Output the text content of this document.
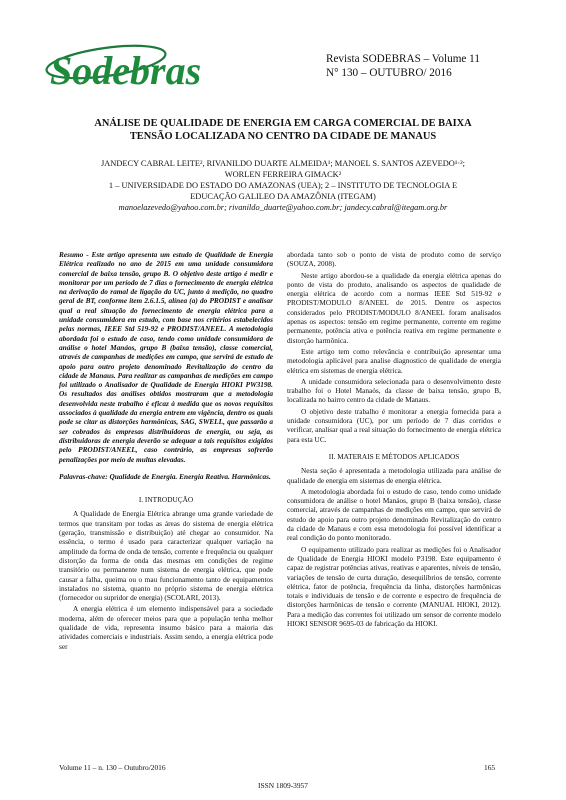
Sodebras	Revista SODEBRAS – Volume 11
N° 130 – OUTUBRO/ 2016
ANÁLISE DE QUALIDADE DE ENERGIA EM CARGA COMERCIAL DE BAIXA
TENSÃO LOCALIZADA NO CENTRO DA CIDADE DE MANAUS
JANDECY CABRAL LEITE², RIVANILDO DUARTE ALMEIDA¹; MANOEL S. SANTOS AZEVEDO¹·²;
WORLEN FERREIRA GIMACK²
1 – UNIVERSIDADE DO ESTADO DO AMAZONAS (UEA); 2 – INSTITUTO DE TECNOLOGIA E
EDUCAÇÃO GALILEO DA AMAZÔNIA (ITEGAM)
manoelazevedo@yahoo.com.br; rivanildo_duarte@yahoo.com.br; jandecy.cabral@itegam.org.br
Resumo - Este artigo apresenta um estudo de Qualidade de Energia Elétrica realizado no ano de 2015 em uma unidade consumidora comercial de baixa tensão, grupo B. O objetivo deste artigo é medir e monitorar por um período de 7 dias o fornecimento de energia elétrica na derivação do ramal de ligação da UC, junto à medição, no quadro geral de BT, conforme item 2.6.1.5, alínea (a) do PRODIST e analisar qual a real situação do fornecimento de energia elétrica para a unidade consumidora em estudo, com base nos critérios estabelecidos pelas normas, IEEE Std 519-92 e PRODIST/ANEEL. A metodologia abordada foi o estudo de caso, tendo como unidade consumidora de análise o hotel Manáos, grupo B (baixa tensão), classe comercial, através de campanhas de medições em campo, que servirá de estudo de apoio para outro projeto denominado Revitalização do centro da cidade de Manaus. Para realizar as campanhas de medições em campo foi utilizado o Analisador de Qualidade de Energia HIOKI PW3198. Os resultados das análises obtidos mostraram que a metodologia desenvolvida neste trabalho é eficaz à medida que os novos requisitos associados à qualidade da energia entrem em vigência, dentro os quais pode se citar as distorções harmônicas, SAG, SWELL, que passarão a ser cobrados às empresas distribuidoras de energia, ou seja, as distribuidoras de energia deverão se adequar a tais requisitos exigidos pelo PRODIST/ANEEL, caso contrário, as empresas sofrerão penalizações por meio de multas elevadas.
Palavras-chave: Qualidade de Energia. Energia Reativa. Harmônicas.
I. INTRODUÇÃO
A Qualidade de Energia Elétrica abrange uma grande variedade de termos que transitam por todas as áreas do sistema de energia elétrica (geração, transmissão e distribuição) até chegar ao consumidor. Na essência, o termo é usado para caracterizar qualquer variação na amplitude da forma de onda de tensão, corrente e frequência ou qualquer distorção da forma de onda das mesmas em condições de regime transitório ou permanente num sistema de energia elétrica, que pode causar a falha, queima ou o mau funcionamento tanto de equipamentos instalados no sistema, quanto no próprio sistema de energia elétrica (fornecedor ou supridor de energia) (SCOLARI, 2013).
A energia elétrica é um elemento indispensável para a sociedade moderna, além de oferecer meios para que a população tenha melhor qualidade de vida, representa insumo básico para a maioria das atividades comerciais e industriais. Assim sendo, a energia elétrica pode ser
abordada tanto sob o ponto de vista de produto como de serviço (SOUZA, 2008).
Neste artigo abordou-se a qualidade da energia elétrica apenas do ponto de vista do produto, analisando os aspectos de qualidade de energia elétrica de acordo com a normas IEEE Std 519-92 e PRODIST/MODULO 8/ANEEL de 2015. Dentre os aspectos considerados pelo PRODIST/MODULO 8/ANEEL foram analisados apenas os aspectos: tensão em regime permanente, corrente em regime permanente, potência ativa e potência reativa em regime permanente e distorção harmônica.
Este artigo tem como relevância e contribuição apresentar uma metodologia aplicável para analise diagnostico de qualidade de energia elétrica em sistemas de energia elétrica.
A unidade consumidora selecionada para o desenvolvimento deste trabalho foi o Hotel Manaós, da classe de baixa tensão, grupo B, localizada no bairro centro da cidade de Manaus.
O objetivo deste trabalho é monitorar a energia fornecida para a unidade consumidora (UC), por um período de 7 dias corridos e verificar, analisar qual a real situação do fornecimento de energia elétrica para esta UC.
II. MATERAIS E MÉTODOS APLICADOS
Nesta seção é apresentada a metodologia utilizada para análise de qualidade de energia em sistemas de energia elétrica.
A metodologia abordada foi o estudo de caso, tendo como unidade consumidora de análise o hotel Manáos, grupo B (baixa tensão), classe comercial, através de campanhas de medições em campo, que servirá de estudo de apoio para outro projeto denominado Revitalização do centro da cidade de Manaus e com essa metodologia foi possível identificar a real condição do ponto monitorado.
O equipamento utilizado para realizar as medições foi o Analisador de Qualidade de Energia HIOKI modelo P3198. Este equipamento é capaz de registrar potências ativas, reativas e aparentes, níveis de tensão, variações de tensão de curta duração, desequilíbrios de tensão, corrente elétrica, fator de potência, frequência da linha, distorções harmônicas totais e individuais de tensão e de corrente e espectro de frequência de distorções harmônicas de tensão e corrente (MANUAL HIOKI, 2012). Para a medição das correntes foi utilizado um sensor de corrente modelo HIOKI SENSOR 9695-03 de fabricação da HIOKI.
Volume 11 – n. 130 – Outubro/2016	165
ISSN 1809-3957
